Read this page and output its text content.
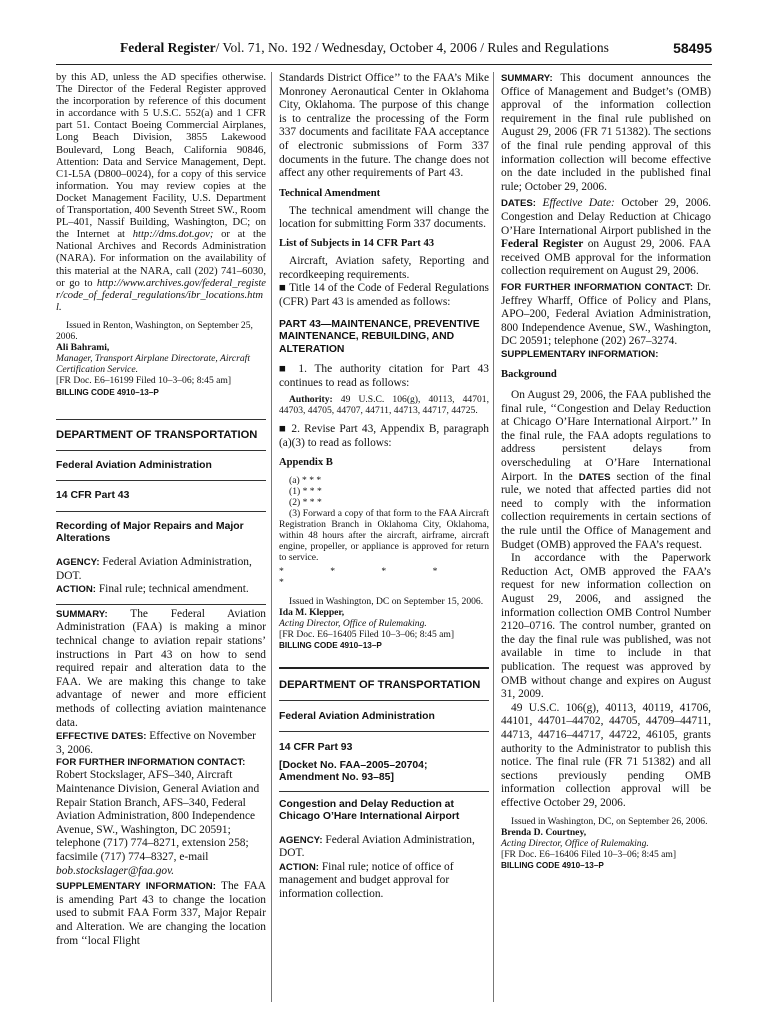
Federal Register/ Vol. 71, No. 192 / Wednesday, October 4, 2006 / Rules and Regulations	58495

by this AD, unless the AD specifies otherwise. The Director of the Federal Register approved the incorporation by reference of this document in accordance with 5 U.S.C. 552(a) and 1 CFR part 51. Contact Boeing Commercial Airplanes, Long Beach Division, 3855 Lakewood Boulevard, Long Beach, California 90846, Attention: Data and Service Management, Dept. C1-L5A (D800–0024), for a copy of this service information. You may review copies at the Docket Management Facility, U.S. Department of Transportation, 400 Seventh Street SW., Room PL–401, Nassif Building, Washington, DC; on the Internet at http://dms.dot.gov; or at the National Archives and Records Administration (NARA). For information on the availability of this material at the NARA, call (202) 741–6030, or go to http://www.archives.gov/federal_register/code_of_federal_regulations/ibr_locations.html.

Issued in Renton, Washington, on September 25, 2006.

Ali Bahrami,

Manager, Transport Airplane Directorate, Aircraft Certification Service.

[FR Doc. E6–16199 Filed 10–3–06; 8:45 am]

BILLING CODE 4910–13–P

DEPARTMENT OF TRANSPORTATION

Federal Aviation Administration

14 CFR Part 43

Recording of Major Repairs and Major Alterations

AGENCY: Federal Aviation Administration, DOT.

ACTION: Final rule; technical amendment.

SUMMARY: The Federal Aviation Administration (FAA) is making a minor technical change to aviation repair stations’ instructions in Part 43 on how to send required repair and alteration data to the FAA. We are making this change to take advantage of newer and more efficient methods of collecting aviation maintenance data.

EFFECTIVE DATES: Effective on November 3, 2006.

FOR FURTHER INFORMATION CONTACT:

Robert Stockslager, AFS–340, Aircraft Maintenance Division, General Aviation and Repair Station Branch, AFS–340, Federal Aviation Administration, 800 Independence Avenue, SW., Washington, DC 20591; telephone (717) 774–8271, extension 258; facsimile (717) 774–8327, e-mail bob.stockslager@faa.gov.

SUPPLEMENTARY INFORMATION: The FAA is amending Part 43 to change the location used to submit FAA Form 337, Major Repair and Alteration. We are changing the location from ‘‘local Flight

Standards District Office’’ to the FAA’s Mike Monroney Aeronautical Center in Oklahoma City, Oklahoma. The purpose of this change is to centralize the processing of the Form 337 documents and facilitate FAA acceptance of electronic submissions of Form 337 documents in the future. The change does not affect any other requirements of Part 43.

Technical Amendment

The technical amendment will change the location for submitting Form 337 documents.

List of Subjects in 14 CFR Part 43

Aircraft, Aviation safety, Reporting and recordkeeping requirements.

■ Title 14 of the Code of Federal Regulations (CFR) Part 43 is amended as follows:

PART 43—MAINTENANCE, PREVENTIVE MAINTENANCE, REBUILDING, AND ALTERATION

■ 1. The authority citation for Part 43 continues to read as follows:

Authority: 49 U.S.C. 106(g), 40113, 44701, 44703, 44705, 44707, 44711, 44713, 44717, 44725.

■ 2. Revise Part 43, Appendix B, paragraph (a)(3) to read as follows:

Appendix B

(a) * * *

(1) * * *

(2) * * *

(3) Forward a copy of that form to the FAA Aircraft Registration Branch in Oklahoma City, Oklahoma, within 48 hours after the aircraft, airframe, aircraft engine, propeller, or appliance is approved for return to service.

* * * * *

Issued in Washington, DC on September 15, 2006.

Ida M. Klepper,

Acting Director, Office of Rulemaking.

[FR Doc. E6–16405 Filed 10–3–06; 8:45 am]

BILLING CODE 4910–13–P

DEPARTMENT OF TRANSPORTATION

Federal Aviation Administration

14 CFR Part 93

[Docket No. FAA–2005–20704; Amendment No. 93–85]

Congestion and Delay Reduction at Chicago O’Hare International Airport

AGENCY: Federal Aviation Administration, DOT.

ACTION: Final rule; notice of office of management and budget approval for information collection.

SUMMARY: This document announces the Office of Management and Budget’s (OMB) approval of the information collection requirement in the final rule published on August 29, 2006 (FR 71 51382). The sections of the final rule pending approval of this information collection will become effective on the date included in the published final rule; October 29, 2006.

DATES: Effective Date: October 29, 2006. Congestion and Delay Reduction at Chicago O’Hare International Airport published in the Federal Register on August 29, 2006. FAA received OMB approval for the information collection requirement on August 29, 2006.

FOR FURTHER INFORMATION CONTACT: Dr. Jeffrey Wharff, Office of Policy and Plans, APO–200, Federal Aviation Administration, 800 Independence Avenue, SW., Washington, DC 20591; telephone (202) 267–3274.

SUPPLEMENTARY INFORMATION:

Background

On August 29, 2006, the FAA published the final rule, ‘‘Congestion and Delay Reduction at Chicago O’Hare International Airport.’’ In the final rule, the FAA adopts regulations to address persistent delays from overscheduling at O’Hare International Airport. In the DATES section of the final rule, we noted that affected parties did not need to comply with the information collection requirements in certain sections of the rule until the Office of Management and Budget (OMB) approved the FAA’s request.

In accordance with the Paperwork Reduction Act, OMB approved the FAA’s request for new information collection on August 29, 2006, and assigned the information collection OMB Control Number 2120–0716. The control number, granted on the day the final rule was published, was not available in time to include in that publication. The request was approved by OMB without change and expires on August 31, 2009.

49 U.S.C. 106(g), 40113, 40119, 41706, 44101, 44701–44702, 44705, 44709–44711, 44713, 44716–44717, 44722, 46105, grants authority to the Administrator to publish this notice. The final rule (FR 71 51382) and all sections previously pending OMB information collection approval will be effective October 29, 2006.

Issued in Washington, DC, on September 26, 2006.

Brenda D. Courtney,

Acting Director, Office of Rulemaking.

[FR Doc. E6–16406 Filed 10–3–06; 8:45 am]

BILLING CODE 4910–13–P
